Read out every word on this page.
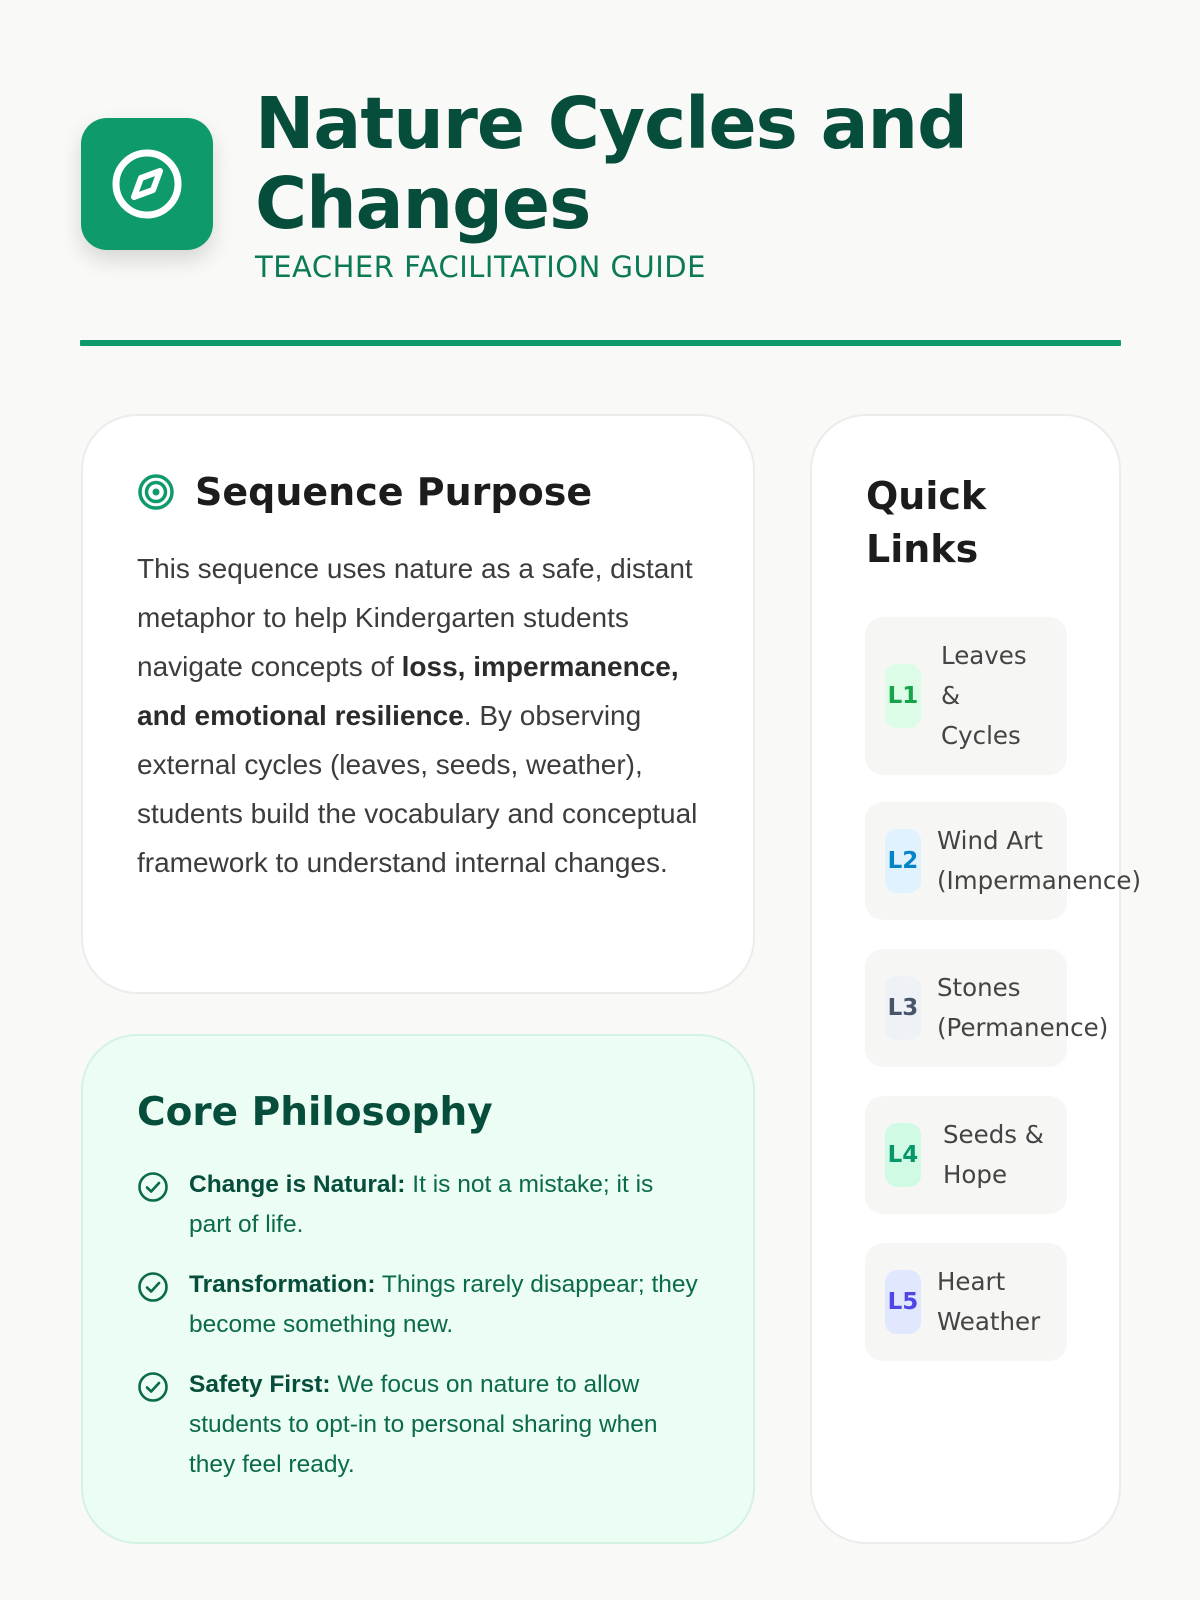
Nature Cycles and Changes
TEACHER FACILITATION GUIDE
Sequence Purpose

This sequence uses nature as a safe, distant metaphor to help Kindergarten students navigate concepts of loss, impermanence, and emotional resilience. By observing external cycles (leaves, seeds, weather), students build the vocabulary and conceptual framework to understand internal changes.

Core Philosophy
Change is Natural: It is not a mistake; it is part of life.
Transformation: Things rarely disappear; they become something new.
Safety First: We focus on nature to allow students to opt-in to personal sharing when they feel ready.
Quick
Links
L1
Leaves
&
Cycles
L2
Wind Art
(Impermanence)
L3
Stones
(Permanence)
L4
Seeds &
Hope
L5
Heart
Weather
